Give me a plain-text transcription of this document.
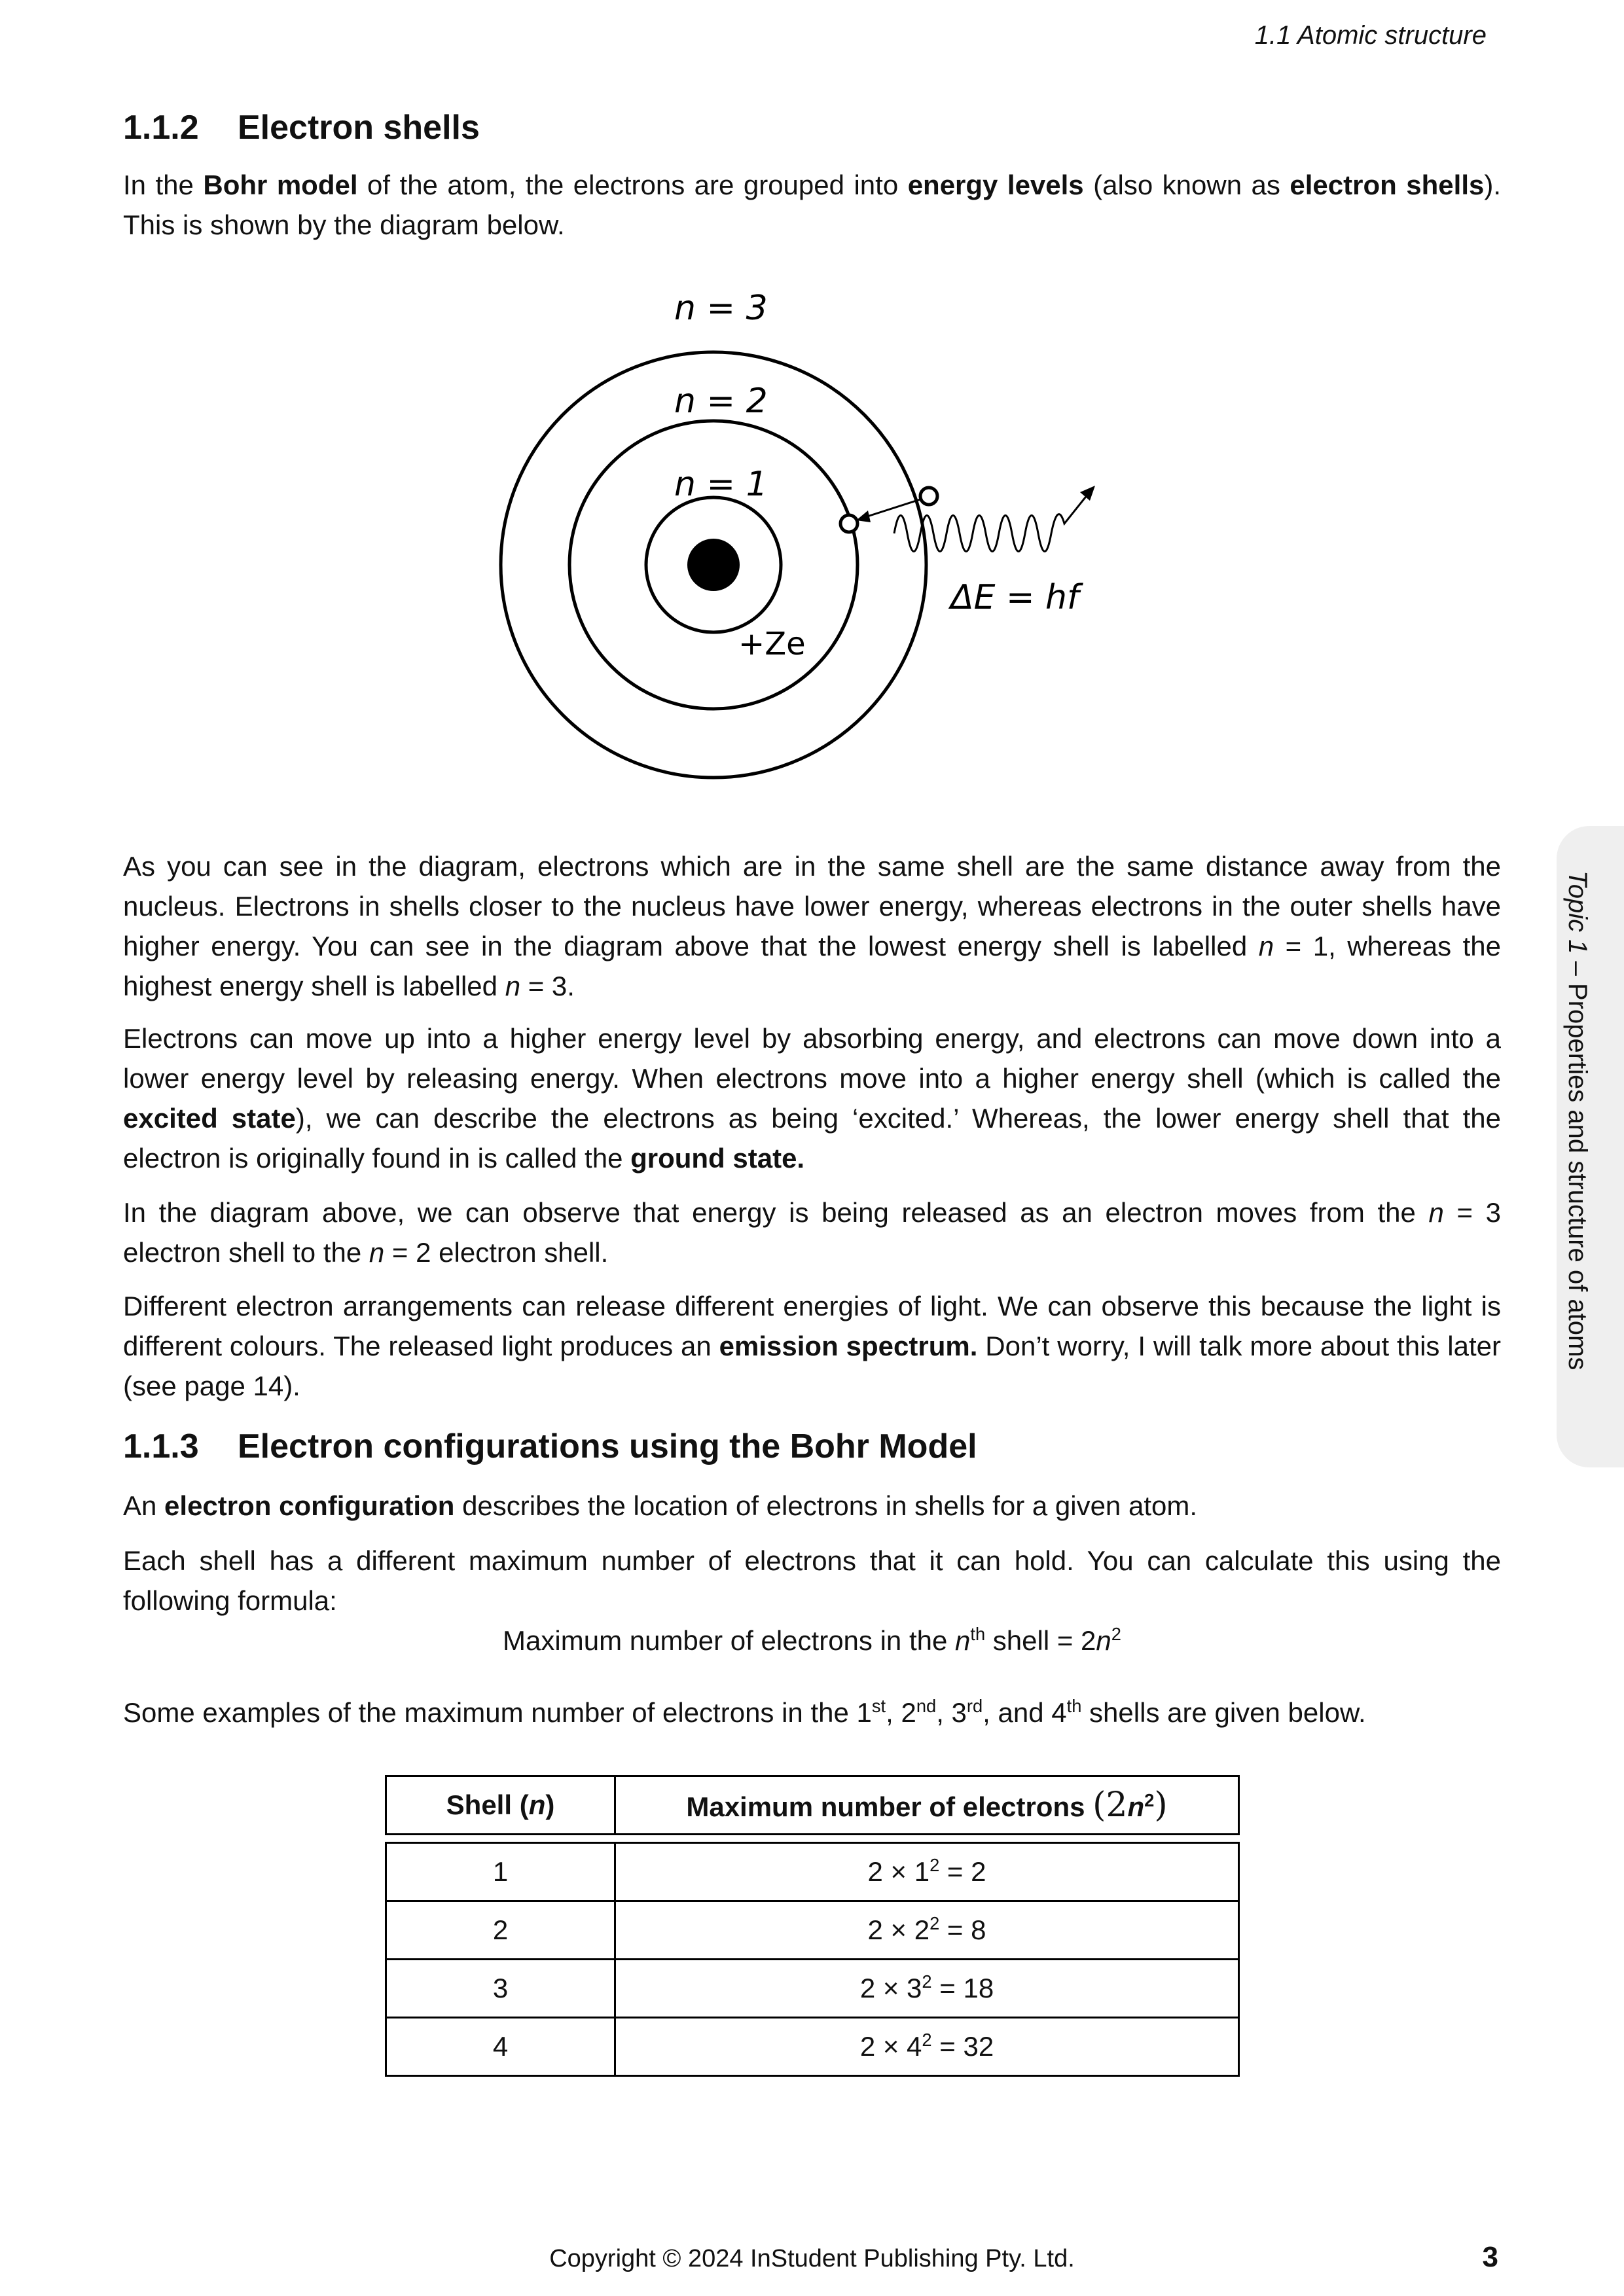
1.1 Atomic structure
1.1.2 Electron shells

In the Bohr model of the atom, the electrons are grouped into energy levels (also known as electron shells). This is shown by the diagram below.

n = 3
n = 2
n = 1
+Ze
ΔE = hf

As you can see in the diagram, electrons which are in the same shell are the same distance away from the nucleus. Electrons in shells closer to the nucleus have lower energy, whereas electrons in the outer shells have higher energy. You can see in the diagram above that the lowest energy shell is labelled n = 1, whereas the highest energy shell is labelled n = 3.

Electrons can move up into a higher energy level by absorbing energy, and electrons can move down into a lower energy level by releasing energy. When electrons move into a higher energy shell (which is called the excited state), we can describe the electrons as being ‘excited.’ Whereas, the lower energy shell that the electron is originally found in is called the ground state.

In the diagram above, we can observe that energy is being released as an electron moves from the n = 3 electron shell to the n = 2 electron shell.

Different electron arrangements can release different energies of light. We can observe this because the light is different colours. The released light produces an emission spectrum. Don’t worry, I will talk more about this later (see page 14).

1.1.3 Electron configurations using the Bohr Model

An electron configuration describes the location of electrons in shells for a given atom.

Each shell has a different maximum number of electrons that it can hold. You can calculate this using the following formula:

Maximum number of electrons in the $n^{th}$ shell = $2n^2$

Some examples of the maximum number of electrons in the 1st, 2nd, 3rd, and 4th shells are given below.

Shell (n)	Maximum number of electrons $(2n^2)$

1	$2 \times 1^2 = 2$
2	$2 \times 2^2 = 8$
3	$2 \times 3^2 = 18$
4	$2 \times 4^2 = 32$
Topic 1 – Properties and structure of atoms
Copyright © 2024 InStudent Publishing Pty. Ltd.	3
